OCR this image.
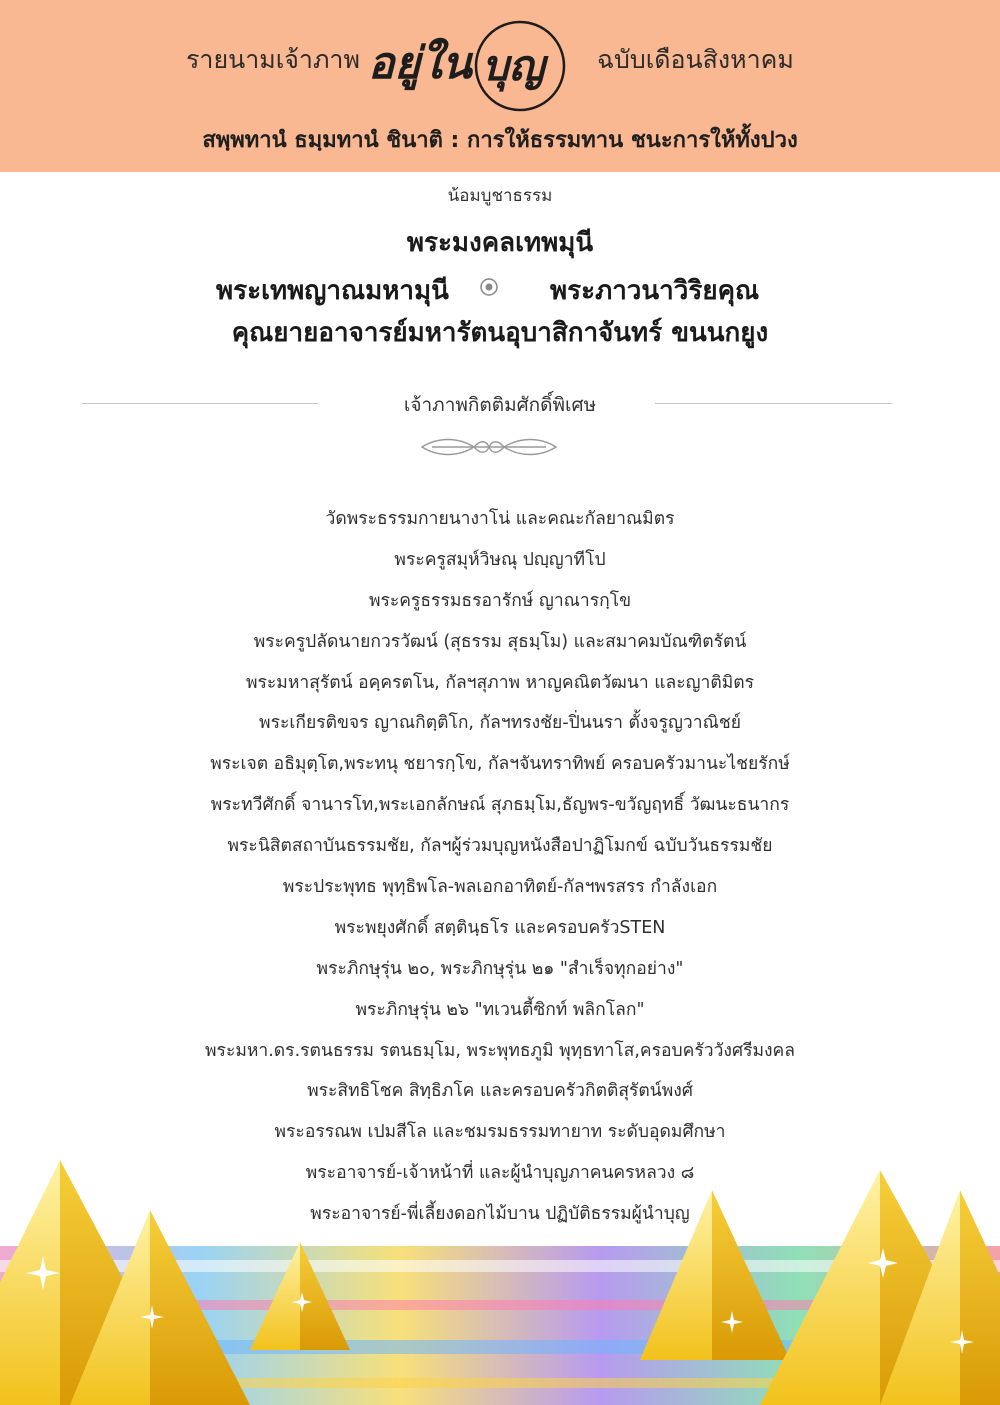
รายนามเจ้าภาพ อยู่ใน บุญ ฉบับเดือนสิงหาคม
สพฺพทานํ ธมฺมทานํ ชินาติ : การให้ธรรมทาน ชนะการให้ทั้งปวง
น้อมบูชาธรรม
พระมงคลเทพมุนี
พระเทพญาณมหามุนี	พระภาวนาวิริยคุณ
คุณยายอาจารย์มหารัตนอุบาสิกาจันทร์ ขนนกยูง
เจ้าภาพกิตติมศักดิ์พิเศษ
วัดพระธรรมกายนางาโน่ และคณะกัลยาณมิตร
พระครูสมุห์วิษณุ ปญฺญาทีโป
พระครูธรรมธรอารักษ์ ญาณารกฺโข
พระครูปลัดนายกวรวัฒน์ (สุธรรม สุธมฺโม) และสมาคมบัณฑิตรัตน์
พระมหาสุรัตน์ อคฺครตโน, กัลฯสุภาพ หาญคณิตวัฒนา และญาติมิตร
พระเกียรติขจร ญาณกิตฺติโก, กัลฯทรงชัย-ปิ่นนรา ตั้งจรูญวาณิชย์
พระเจต อธิมุตฺโต,พระทนุ ชยารกฺโข, กัลฯจันทราทิพย์ ครอบครัวมานะไชยรักษ์
พระทวีศักดิ์ จานารโท,พระเอกลักษณ์ สุภธมฺโม,ธัญพร-ขวัญฤทธิ์ วัฒนะธนากร
พระนิสิตสถาบันธรรมชัย, กัลฯผู้ร่วมบุญหนังสือปาฏิโมกข์ ฉบับวันธรรมชัย
พระประพุทธ พุทฺธิพโล-พลเอกอาทิตย์-กัลฯพรสรร กำลังเอก
พระพยุงศักดิ์ สตฺตินฺธโร และครอบครัวSTEN
พระภิกษุรุ่น ๒๐, พระภิกษุรุ่น ๒๑ "สำเร็จทุกอย่าง"
พระภิกษุรุ่น ๒๖ "ทเวนตี้ซิกท์ พลิกโลก"
พระมหา.ดร.รตนธรรม รตนธมฺโม, พระพุทธภูมิ พุทฺธทาโส,ครอบครัววังศรีมงคล
พระสิทธิโชค สิทฺธิภโค และครอบครัวกิตติสุรัตน์พงศ์
พระอรรณพ เปมสีโล และชมรมธรรมทายาท ระดับอุดมศึกษา
พระอาจารย์-เจ้าหน้าที่ และผู้นำบุญภาคนครหลวง ๘
พระอาจารย์-พี่เลี้ยงดอกไม้บาน ปฏิบัติธรรมผู้นำบุญ
